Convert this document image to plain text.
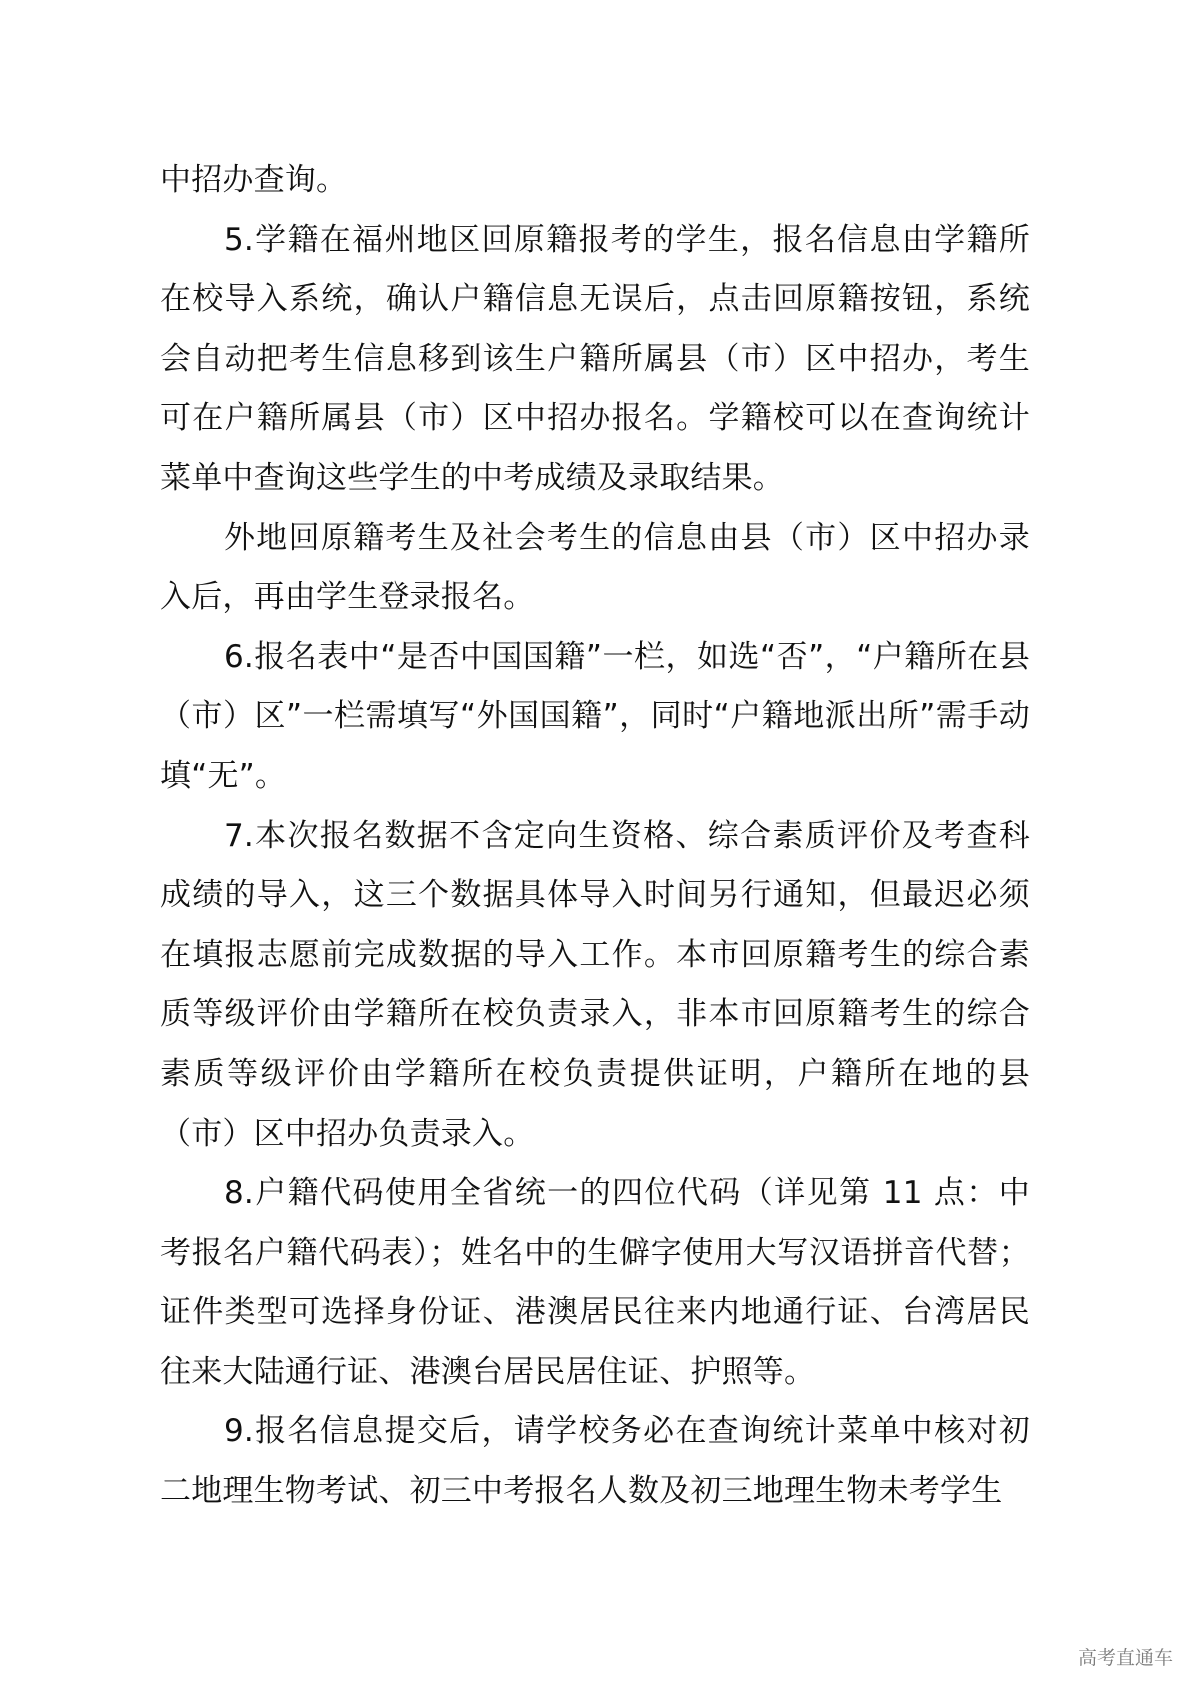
中招办查询。

5.学籍在福州地区回原籍报考的学生，报名信息由学籍所在校导入系统，确认户籍信息无误后，点击回原籍按钮，系统会自动把考生信息移到该生户籍所属县（市）区中招办，考生可在户籍所属县（市）区中招办报名。学籍校可以在查询统计菜单中查询这些学生的中考成绩及录取结果。

外地回原籍考生及社会考生的信息由县（市）区中招办录入后，再由学生登录报名。

6.报名表中“是否中国国籍”一栏，如选“否”，“户籍所在县（市）区”一栏需填写“外国国籍”，同时“户籍地派出所”需手动填“无”。

7.本次报名数据不含定向生资格、综合素质评价及考查科成绩的导入，这三个数据具体导入时间另行通知，但最迟必须在填报志愿前完成数据的导入工作。本市回原籍考生的综合素质等级评价由学籍所在校负责录入，非本市回原籍考生的综合素质等级评价由学籍所在校负责提供证明，户籍所在地的县（市）区中招办负责录入。

8.户籍代码使用全省统一的四位代码（详见第 11 点：中考报名户籍代码表）；姓名中的生僻字使用大写汉语拼音代替；证件类型可选择身份证、港澳居民往来内地通行证、台湾居民往来大陆通行证、港澳台居民居住证、护照等。

9.报名信息提交后，请学校务必在查询统计菜单中核对初二地理生物考试、初三中考报名人数及初三地理生物未考学生

高考直通车
